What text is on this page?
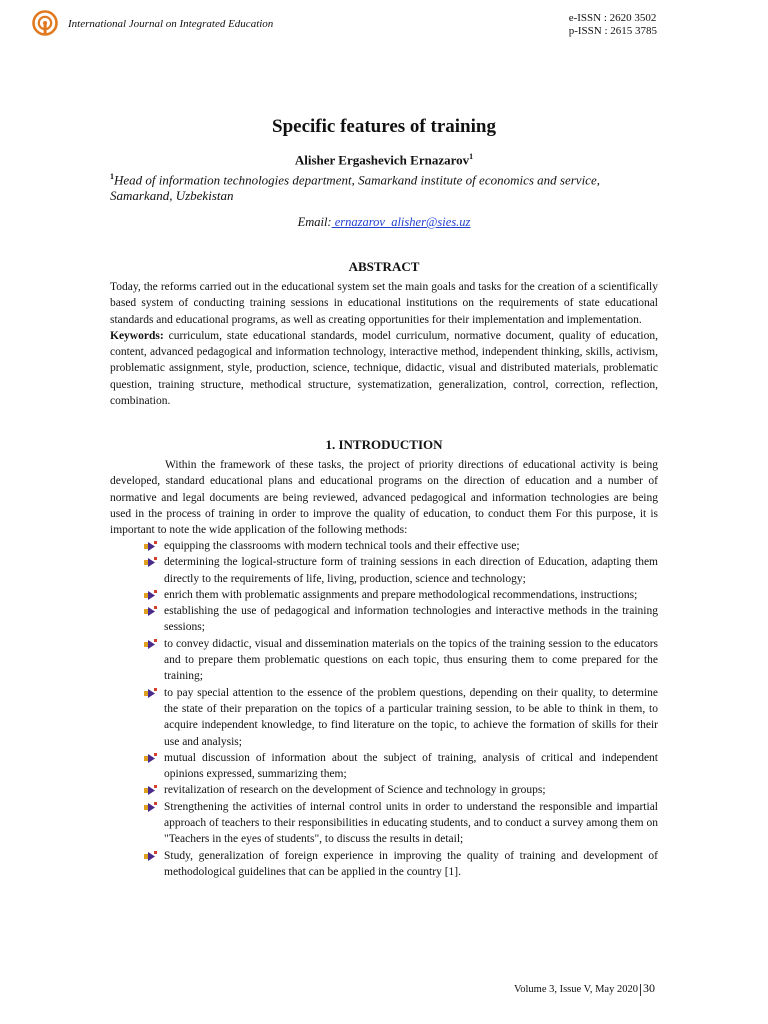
International Journal on Integrated Education	e-ISSN : 2620 3502
p-ISSN : 2615 3785
Specific features of training
Alisher Ergashevich Ernazarov$^1$
$^1$Head of information technologies department, Samarkand institute of economics and service, Samarkand, Uzbekistan
Email: ernazarov_alisher@sies.uz
ABSTRACT
Today, the reforms carried out in the educational system set the main goals and tasks for the creation of a scientifically based system of conducting training sessions in educational institutions on the requirements of state educational standards and educational programs, as well as creating opportunities for their implementation and implementation.
Keywords: curriculum, state educational standards, model curriculum, normative document, quality of education, content, advanced pedagogical and information technology, interactive method, independent thinking, skills, activism, problematic assignment, style, production, science, technique, didactic, visual and distributed materials, problematic question, training structure, methodical structure, systematization, generalization, control, correction, reflection, combination.
1. INTRODUCTION
Within the framework of these tasks, the project of priority directions of educational activity is being developed, standard educational plans and educational programs on the direction of education and a number of normative and legal documents are being reviewed, advanced pedagogical and information technologies are being used in the process of training in order to improve the quality of education, to conduct them For this purpose, it is important to note the wide application of the following methods:
equipping the classrooms with modern technical tools and their effective use;
determining the logical-structure form of training sessions in each direction of Education, adapting them directly to the requirements of life, living, production, science and technology;
enrich them with problematic assignments and prepare methodological recommendations, instructions;
establishing the use of pedagogical and information technologies and interactive methods in the training sessions;
to convey didactic, visual and dissemination materials on the topics of the training session to the educators and to prepare them problematic questions on each topic, thus ensuring them to come prepared for the training;
to pay special attention to the essence of the problem questions, depending on their quality, to determine the state of their preparation on the topics of a particular training session, to be able to think in them, to acquire independent knowledge, to find literature on the topic, to achieve the formation of skills for their use and analysis;
mutual discussion of information about the subject of training, analysis of critical and independent opinions expressed, summarizing them;
revitalization of research on the development of Science and technology in groups;
Strengthening the activities of internal control units in order to understand the responsible and impartial approach of teachers to their responsibilities in educating students, and to conduct a survey among them on "Teachers in the eyes of students", to discuss the results in detail;
Study, generalization of foreign experience in improving the quality of training and development of methodological guidelines that can be applied in the country [1].
Volume 3, Issue V, May 2020 30
